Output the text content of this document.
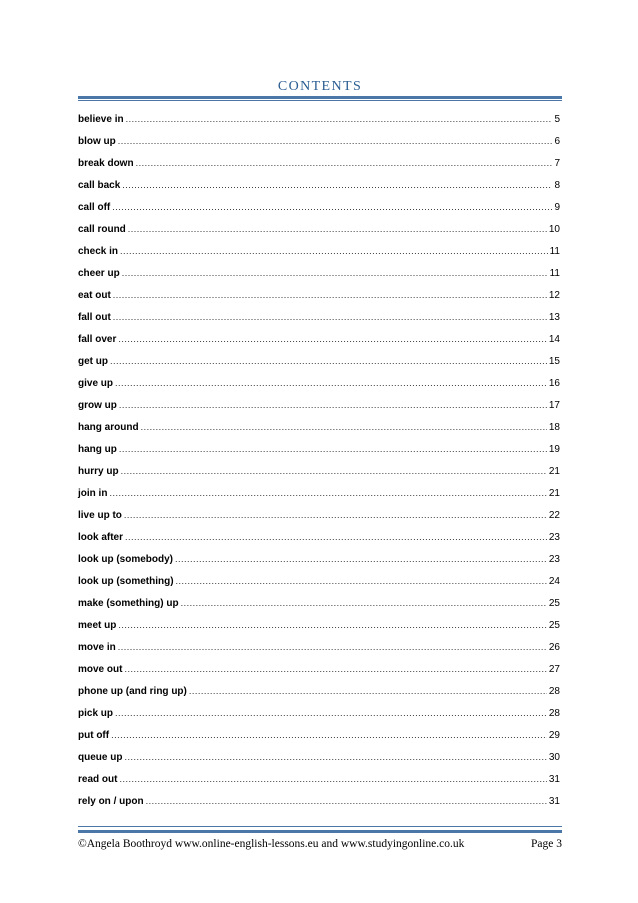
CONTENTS
believe in .....	5
blow up .....	6
break down .....	7
call back .....	8
call off .....	9
call round .....	10
check in .....	11
cheer up .....	11
eat out .....	12
fall out .....	13
fall over .....	14
get up .....	15
give up .....	16
grow up .....	17
hang around .....	18
hang up .....	19
hurry up .....	21
join in .....	21
live up to .....	22
look after .....	23
look up (somebody) .....	23
look up (something) .....	24
make (something) up .....	25
meet up .....	25
move in .....	26
move out .....	27
phone up (and ring up) .....	28
pick up .....	28
put off .....	29
queue up .....	30
read out .....	31
rely on / upon .....	31
©Angela Boothroyd www.online-english-lessons.eu and www.studyingonline.co.uk	Page 3
